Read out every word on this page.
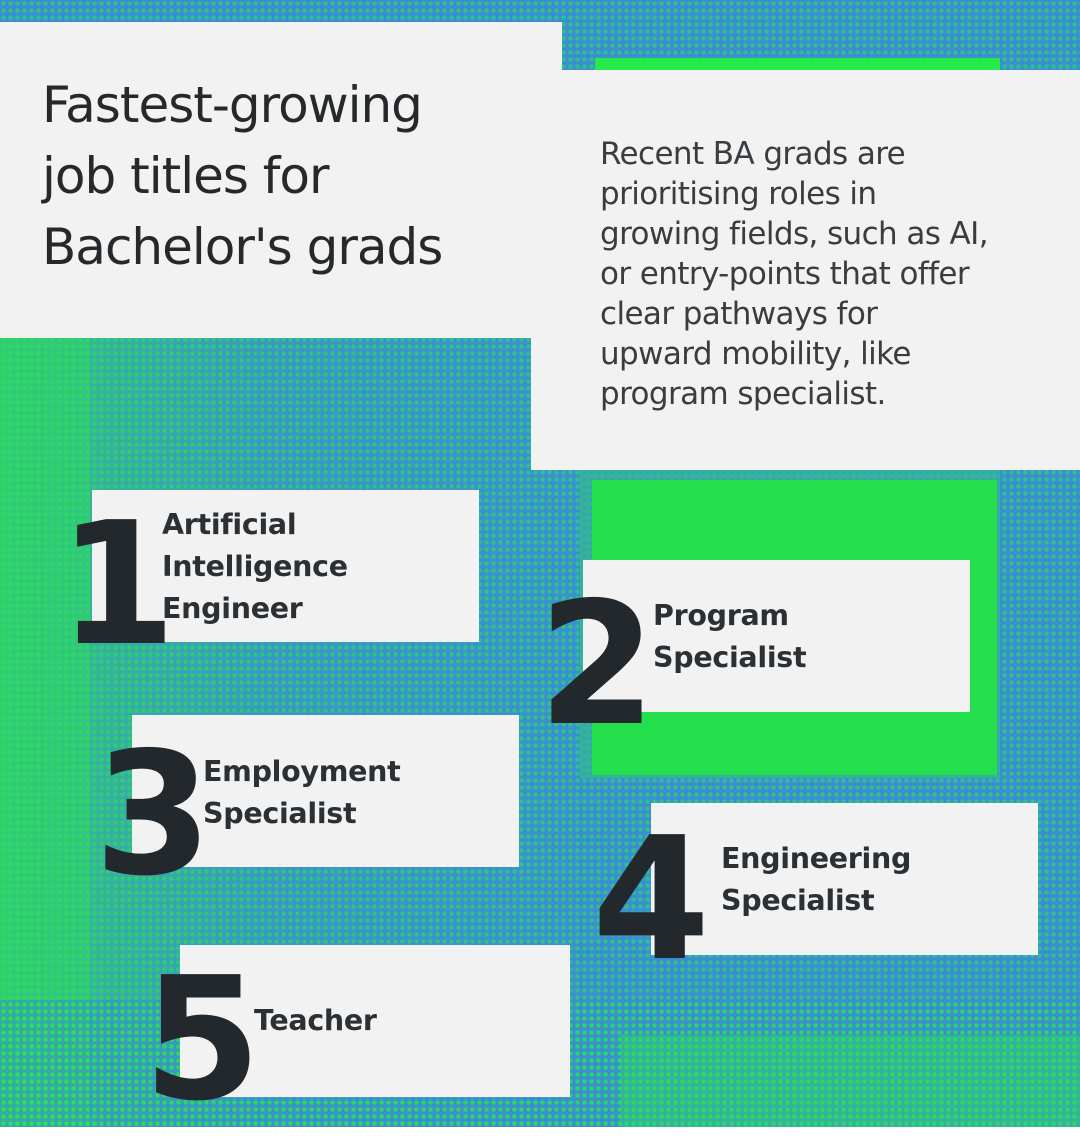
Fastest-growing
job titles for
Bachelor's grads

Recent BA grads are
prioritising roles in
growing fields, such as AI,
or entry-points that offer
clear pathways for
upward mobility, like
program specialist.

1
Artificial
Intelligence
Engineer 2 Program
Specialist
3
Employment
Specialist 4 Engineering
Specialist
5
Teacher
